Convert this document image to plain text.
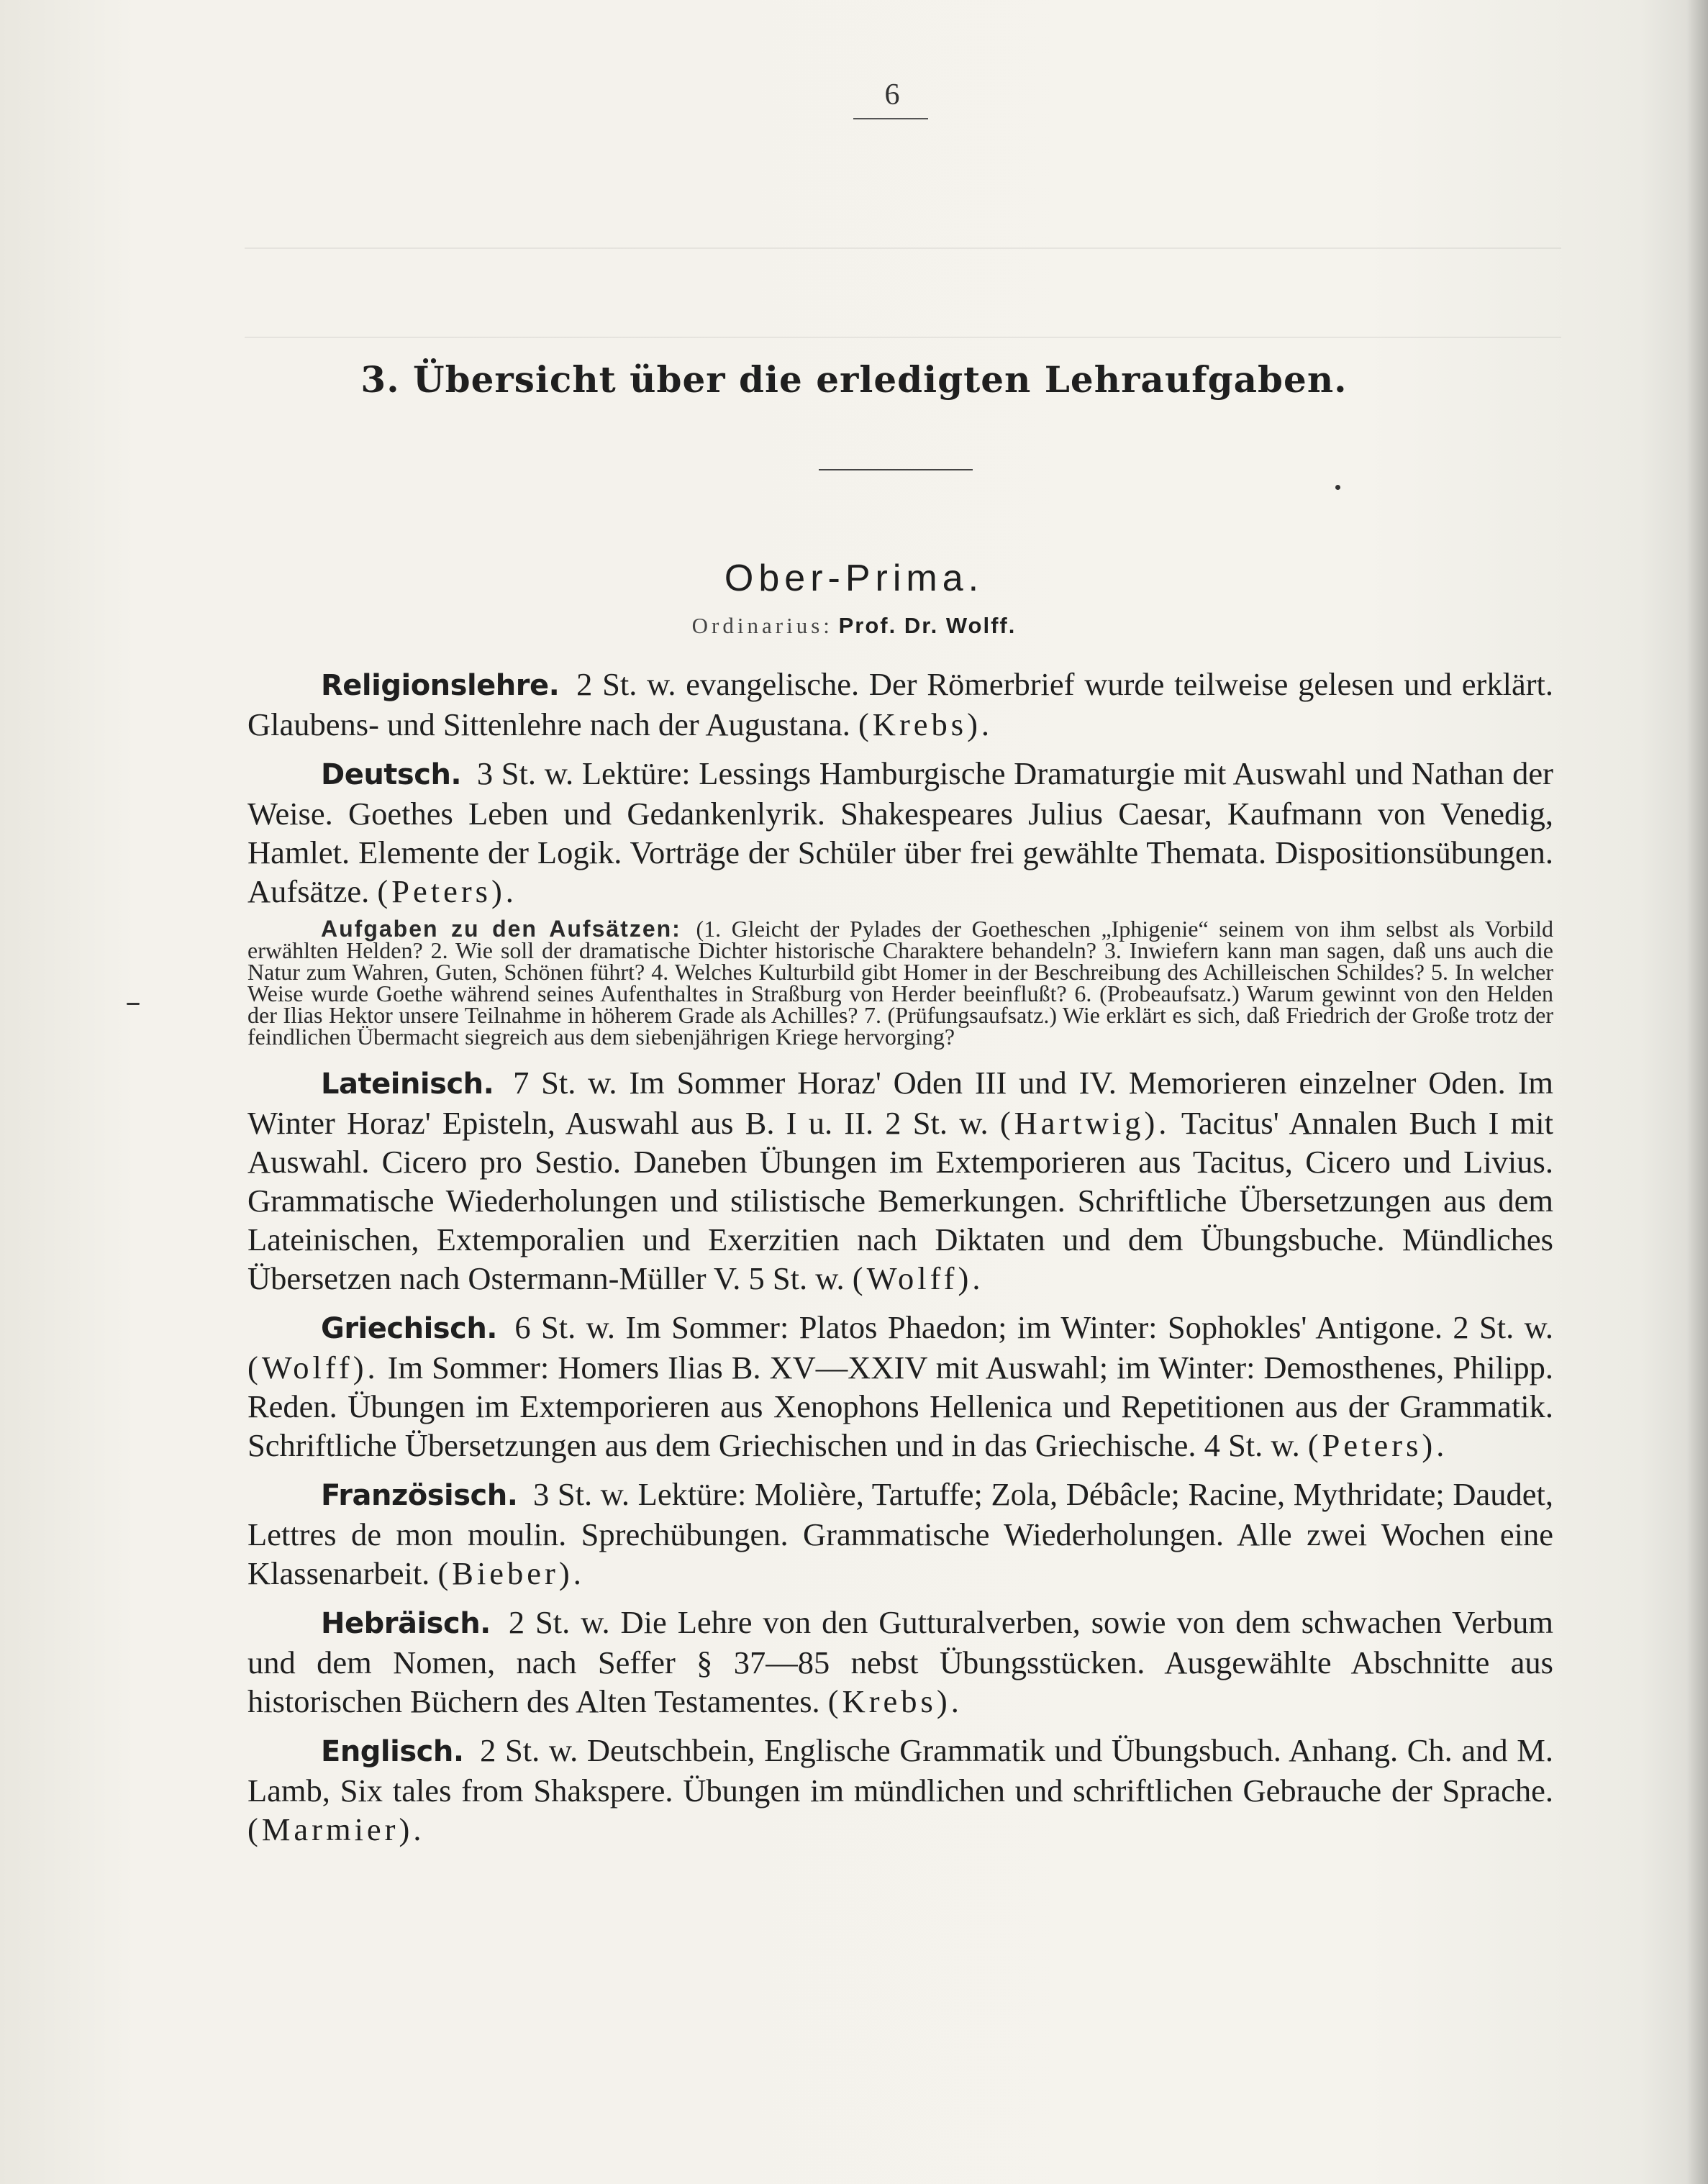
6
3. Übersicht über die erledigten Lehraufgaben.
Ober-Prima.
Ordinarius: Prof. Dr. Wolff.
Religionslehre. 2 St. w. evangelische. Der Römerbrief wurde teilweise gelesen und erklärt. Glaubens- und Sittenlehre nach der Augustana. (Krebs).
Deutsch. 3 St. w. Lektüre: Lessings Hamburgische Dramaturgie mit Auswahl und Nathan der Weise. Goethes Leben und Gedankenlyrik. Shakespeares Julius Caesar, Kaufmann von Venedig, Hamlet. Elemente der Logik. Vorträge der Schüler über frei gewählte Themata. Dispositionsübungen. Aufsätze. (Peters).
Aufgaben zu den Aufsätzen: (1. Gleicht der Pylades der Goetheschen „Iphigenie“ seinem von ihm selbst als Vorbild erwählten Helden? 2. Wie soll der dramatische Dichter historische Charaktere behandeln? 3. Inwiefern kann man sagen, daß uns auch die Natur zum Wahren, Guten, Schönen führt? 4. Welches Kulturbild gibt Homer in der Beschreibung des Achilleischen Schildes? 5. In welcher Weise wurde Goethe während seines Aufenthaltes in Straßburg von Herder beeinflußt? 6. (Probeaufsatz.) Warum gewinnt von den Helden der Ilias Hektor unsere Teilnahme in höherem Grade als Achilles? 7. (Prüfungsaufsatz.) Wie erklärt es sich, daß Friedrich der Große trotz der feindlichen Übermacht siegreich aus dem siebenjährigen Kriege hervorging?
Lateinisch. 7 St. w. Im Sommer Horaz' Oden III und IV. Memorieren einzelner Oden. Im Winter Horaz' Episteln, Auswahl aus B. I u. II. 2 St. w. (Hartwig). Tacitus' Annalen Buch I mit Auswahl. Cicero pro Sestio. Daneben Übungen im Extemporieren aus Tacitus, Cicero und Livius. Grammatische Wiederholungen und stilistische Bemerkungen. Schriftliche Übersetzungen aus dem Lateinischen, Extemporalien und Exerzitien nach Diktaten und dem Übungsbuche. Mündliches Übersetzen nach Ostermann-Müller V. 5 St. w. (Wolff).
Griechisch. 6 St. w. Im Sommer: Platos Phaedon; im Winter: Sophokles' Antigone. 2 St. w. (Wolff). Im Sommer: Homers Ilias B. XV—XXIV mit Auswahl; im Winter: Demosthenes, Philipp. Reden. Übungen im Extemporieren aus Xenophons Hellenica und Repetitionen aus der Grammatik. Schriftliche Übersetzungen aus dem Griechischen und in das Griechische. 4 St. w. (Peters).
Französisch. 3 St. w. Lektüre: Molière, Tartuffe; Zola, Débâcle; Racine, Mythridate; Daudet, Lettres de mon moulin. Sprechübungen. Grammatische Wiederholungen. Alle zwei Wochen eine Klassenarbeit. (Bieber).
Hebräisch. 2 St. w. Die Lehre von den Gutturalverben, sowie von dem schwachen Verbum und dem Nomen, nach Seffer § 37—85 nebst Übungsstücken. Ausgewählte Abschnitte aus historischen Büchern des Alten Testamentes. (Krebs).
Englisch. 2 St. w. Deutschbein, Englische Grammatik und Übungsbuch. Anhang. Ch. and M. Lamb, Six tales from Shakspere. Übungen im mündlichen und schriftlichen Gebrauche der Sprache. (Marmier).
